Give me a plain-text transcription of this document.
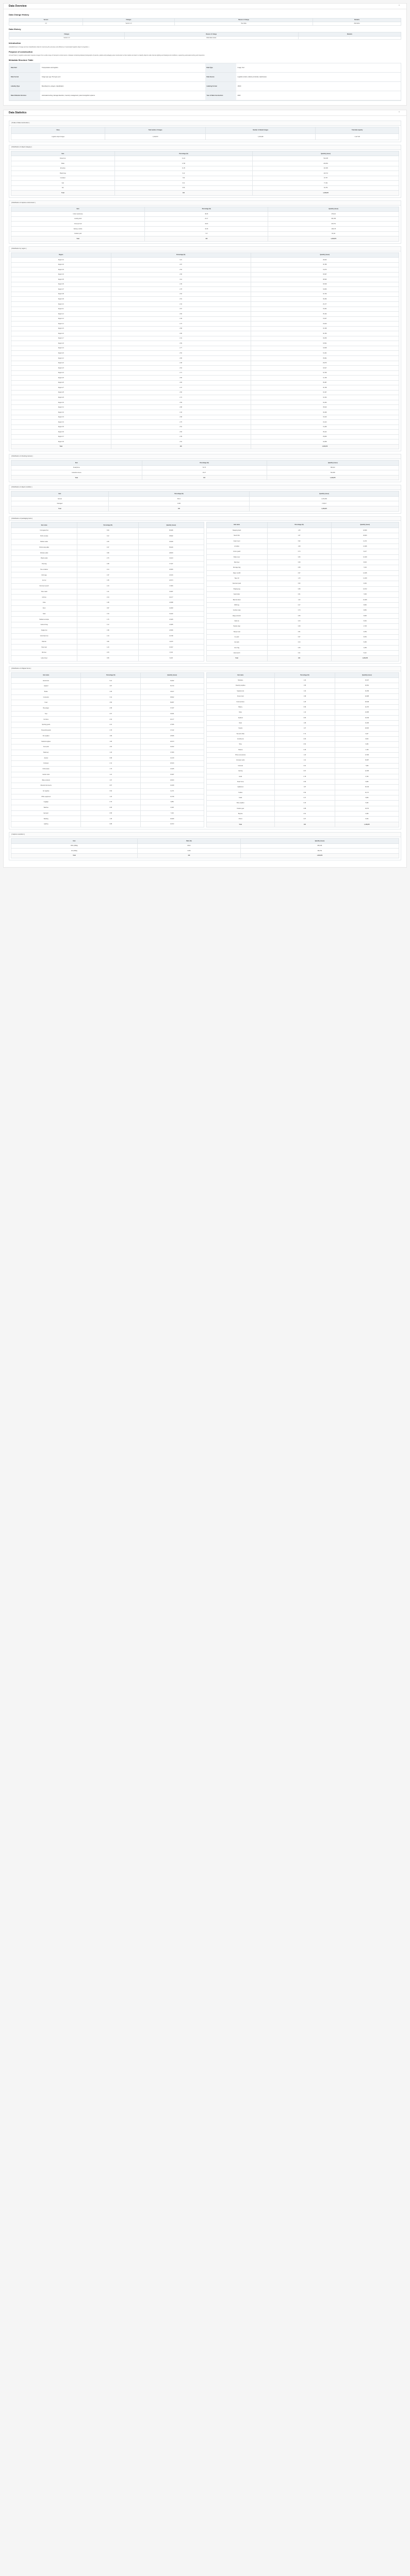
Data Overview	⌃
Data Change History
Version	Changes	Reason of change	Remarks
1.0	Version 1.0	New data	Alternative
Data History
Changes	Reason of change	Remarks
Version 1.0	Initial data release	-
Introduction
[ Establishment of image and text classification data for improving the accuracy and efficiency of automated logistics object recognition ]
Purpose of construction
[ AI and Vision ] Logistics automation requires images from a wide range of transport environments. A dataset containing labeled photographs of parcels, pallets and packaging was constructed so that models can learn to classify objects under diverse lighting and background conditions, supporting automated sorting and inspection.
Metadata Structure Table
Data field	Transportation and logistics	Data Type	Image, Text
Data Format	Image type: jpg / Text type: json	Data Source	Logistics centers, delivery terminals, warehouses
Labeling Type	Bounding box, polygon, classification	Labeling Format	JSON
Data Utilization Services	Automated sorting, damage detection, inventory management, parcel recognition systems	Year of Data Construction	2023
Data Statistics	⌃
[ Scale of data construction ]
Class	Total number of images	Number of labeled images	Total data capacity
Logistics object images	1,246,870	1,163,290	3,127 GB
[ Distribution of object category ]
Item	Percentage (%)	Quantity (cases)
Parcel box	41.24	514,245
Pallet	17.68	220,451
Envelope	11.35	141,520
Plastic bag	9.12	113,713
Container	7.84	97,757
Cart	6.21	77,431
Etc	6.56	81,753
Total	100	1,246,870
[ Distribution of capture environment ]
Item	Percentage (%)	Quantity (cases)
Indoor warehouse	38.45	479,421
Loading dock	24.17	301,369
Conveyor belt	19.63	244,761
Delivery vehicle	10.28	128,178
Outdoor yard	7.47	93,141
Total	100	1,246,870
[ Distribution by region ]
Region	Percentage (%)	Quantity (cases)
Region 01	3.21	40,024
Region 02	2.87	35,785
Region 03	2.54	31,670
Region 04	2.96	36,907
Region 05	3.12	38,902
Region 06	2.45	30,548
Region 07	2.78	34,663
Region 08	2.63	32,793
Region 09	2.91	36,284
Region 10	2.34	29,177
Region 11	2.67	33,291
Region 12	2.82	35,162
Region 13	2.49	31,047
Region 14	2.73	34,040
Region 15	2.58	32,169
Region 16	2.95	36,783
Region 17	2.41	30,050
Region 18	2.69	33,541
Region 19	2.77	34,538
Region 20	2.52	31,421
Region 21	2.86	35,661
Region 22	2.38	29,676
Region 23	2.64	32,917
Region 24	2.71	33,790
Region 25	2.55	31,795
Region 26	2.83	35,287
Region 27	2.47	30,798
Region 28	2.66	33,167
Region 29	2.74	34,164
Region 30	2.59	32,294
Region 31	2.88	35,910
Region 32	2.43	30,299
Region 33	2.68	33,416
Region 34	2.76	34,413
Region 35	2.51	31,296
Region 36	2.84	35,412
Region 37	2.39	29,800
Region 38	2.62	32,668
Total	100	1,246,870
[ Distribution of shooting camera ]
Item	Percentage (%)	Quantity (cases)
Smartphone	54.73	682,412
Industrial camera	45.27	564,458
Total	100	1,246,870
[ Distribution of object condition ]
Item	Percentage (%)	Quantity (cases)
Normal	86.14	1,074,053
Damaged	13.86	172,817
Total	100	1,246,870
[ Distribution of packaging items ]
Item name	Percentage (%)	Quantity (cases)
Corrugated box	6.84	85,286
Kraft envelope	3.12	38,902
Bubble mailer	2.45	30,548
Shrink wrap pallet	4.67	58,229
Wooden pallet	3.89	48,503
Plastic pallet	2.76	34,413
Poly bag	2.98	37,157
Tote container	2.14	26,683
Roll cage	1.87	23,316
Ice box	1.65	20,573
Document pouch	1.43	17,830
Tube mailer	1.21	15,087
Gift box	2.34	29,177
Crate	1.98	24,688
Drum	0.87	10,848
Sack	1.54	19,202
Padded envelope	1.76	21,945
Garment bag	1.12	13,965
Fragile box	1.89	23,566
Cold chain box	1.34	16,708
Bulk bin	0.96	11,970
Hand cart	1.23	15,337
Bin liner	0.78	9,726
Label sheet	0.65	8,105
Item name	Percentage (%)	Quantity (cases)
Strapping band	1.45	18,080
Stretch film	1.67	20,823
Foam insert	0.92	11,471
Air pillow	1.08	13,466
Corner guard	0.74	9,227
Pallet cover	0.83	10,349
Slip sheet	0.69	8,603
Dunnage bag	0.58	7,232
Paper void fill	0.97	12,095
Tape roll	1.15	14,339
Desiccant pack	0.52	6,484
Shipping tag	0.88	10,972
Seal sticker	0.61	7,606
Barcode label	1.32	16,459
RFID tag	0.47	5,860
Cushion wrap	0.79	9,850
Edge protector	0.56	6,983
Cable tie	0.43	5,362
Handle strap	0.38	4,738
Tamper seal	0.51	6,359
Ice pack	0.67	8,354
Gel pack	0.44	5,486
Liner bag	0.36	4,489
Label pouch	0.41	5,112
Total	100	1,246,870
[ Distribution of shipped items ]
Item name	Percentage (%)	Quantity (cases)
Electronics	5.21	64,962
Apparel	4.87	60,723
Books	3.45	43,017
Cosmetics	3.12	38,902
Food	4.56	56,857
Beverages	2.98	37,157
Toys	2.67	33,291
Furniture	2.34	29,177
Sporting goods	2.21	27,556
Household goods	3.78	47,132
Pet supplies	1.89	23,566
Medical supplies	1.65	20,573
Auto parts	1.54	19,202
Stationery	1.43	17,830
Jewelry	0.98	12,219
Footwear	2.12	26,434
Kitchenware	1.76	21,945
Garden tools	1.21	15,087
Baby products	1.67	20,823
Musical instruments	0.87	10,848
Art supplies	0.92	11,471
Office equipment	1.34	16,708
Luggage	0.79	9,850
Watches	0.65	8,105
Eyewear	0.58	7,232
Bedding	1.45	18,080
Lighting	0.88	10,972
Item name	Percentage (%)	Quantity (cases)
Hardware	1.23	15,337
Cleaning supplies	1.56	19,451
Supplements	1.32	16,459
Frozen food	1.98	24,688
Fresh produce	2.45	30,548
Bakery	0.96	11,970
Dairy	1.12	13,965
Seafood	0.83	10,349
Meat	1.08	13,466
Snacks	1.67	20,823
Tea and coffee	0.74	9,227
Condiments	0.69	8,603
Wine	0.52	6,484
Tobacco	0.38	4,738
Phone accessories	1.43	17,830
Computer parts	1.21	15,087
Cameras	0.61	7,606
Gaming	0.97	12,095
Audio	0.78	9,726
Smart home	0.56	6,983
Appliances	1.87	23,316
Textiles	0.92	11,471
Crafts	0.47	5,860
Party supplies	0.43	5,362
Outdoor gear	0.88	10,972
Bicycles	0.51	6,359
Others	0.67	8,354
Total	100	1,246,870
[ Capture resolution ]
Item	Ratio (%)	Quantity (cases)
FHD (1080p)	68.42	853,108
4K (2160p)	31.58	393,762
Total	100	1,246,870
